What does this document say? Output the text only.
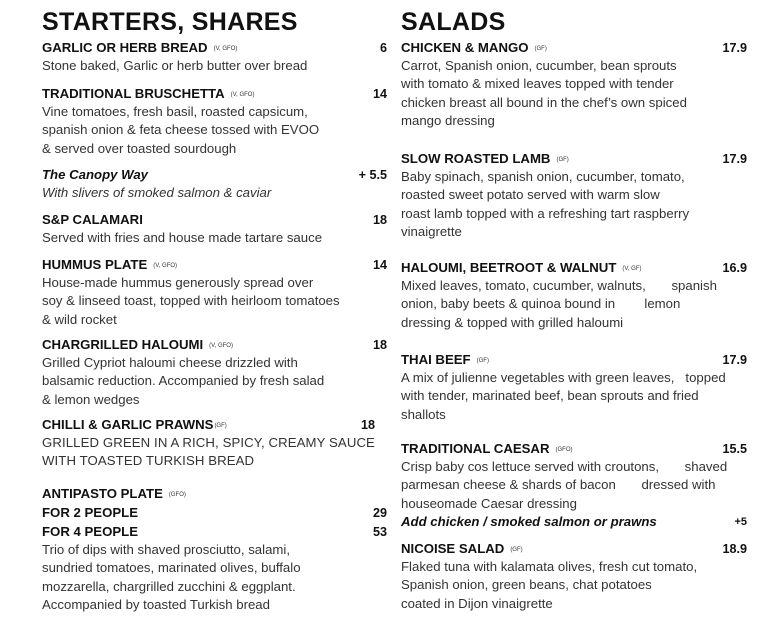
STARTERS, SHARES
GARLIC OR HERB BREAD (V, GFO)	6
Stone baked, Garlic or herb butter over bread
TRADITIONAL BRUSCHETTA (V, GFO)	14
Vine tomatoes, fresh basil, roasted capsicum,
spanish onion & feta cheese tossed with EVOO
& served over toasted sourdough
The Canopy Way	+ 5.5
With slivers of smoked salmon & caviar
S&P CALAMARI	18
Served with fries and house made tartare sauce
HUMMUS PLATE (V, GFO)	14
House-made hummus generously spread over
soy & linseed toast, topped with heirloom tomatoes
& wild rocket
CHARGRILLED HALOUMI (V, GFO)	18
Grilled Cypriot haloumi cheese drizzled with
balsamic reduction. Accompanied by fresh salad
& lemon wedges
CHILLI & GARLIC PRAWNS(GF)	18
GRILLED GREEN IN A RICH, SPICY, CREAMY SAUCE
WITH TOASTED TURKISH BREAD
ANTIPASTO PLATE (GFO)
FOR 2 PEOPLE	29
FOR 4 PEOPLE	53
Trio of dips with shaved prosciutto, salami,
sundried tomatoes, marinated olives, buffalo
mozzarella, chargrilled zucchini & eggplant.
Accompanied by toasted Turkish bread
SALADS
CHICKEN & MANGO (GF)	17.9
Carrot, Spanish onion, cucumber, bean sprouts
with tomato & mixed leaves topped with tender
chicken breast all bound in the chef’s own spiced
mango dressing
SLOW ROASTED LAMB (GF)	17.9
Baby spinach, spanish onion, cucumber, tomato,
roasted sweet potato served with warm slow
roast lamb topped with a refreshing tart raspberry
vinaigrette
HALOUMI, BEETROOT & WALNUT (V, GF)	16.9
Mixed leaves, tomato, cucumber, walnuts,       spanish
onion, baby beets & quinoa bound in        lemon
dressing & topped with grilled haloumi
THAI BEEF (GF)	17.9
A mix of julienne vegetables with green leaves,   topped
with tender, marinated beef, bean sprouts and fried
shallots
TRADITIONAL CAESAR (GFO)	15.5
Crisp baby cos lettuce served with croutons,       shaved
parmesan cheese & shards of bacon       dressed with
houseomade Caesar dressing
Add chicken / smoked salmon or prawns	+5
NICOISE SALAD (GF)	18.9
Flaked tuna with kalamata olives, fresh cut tomato,
Spanish onion, green beans, chat potatoes
coated in Dijon vinaigrette
